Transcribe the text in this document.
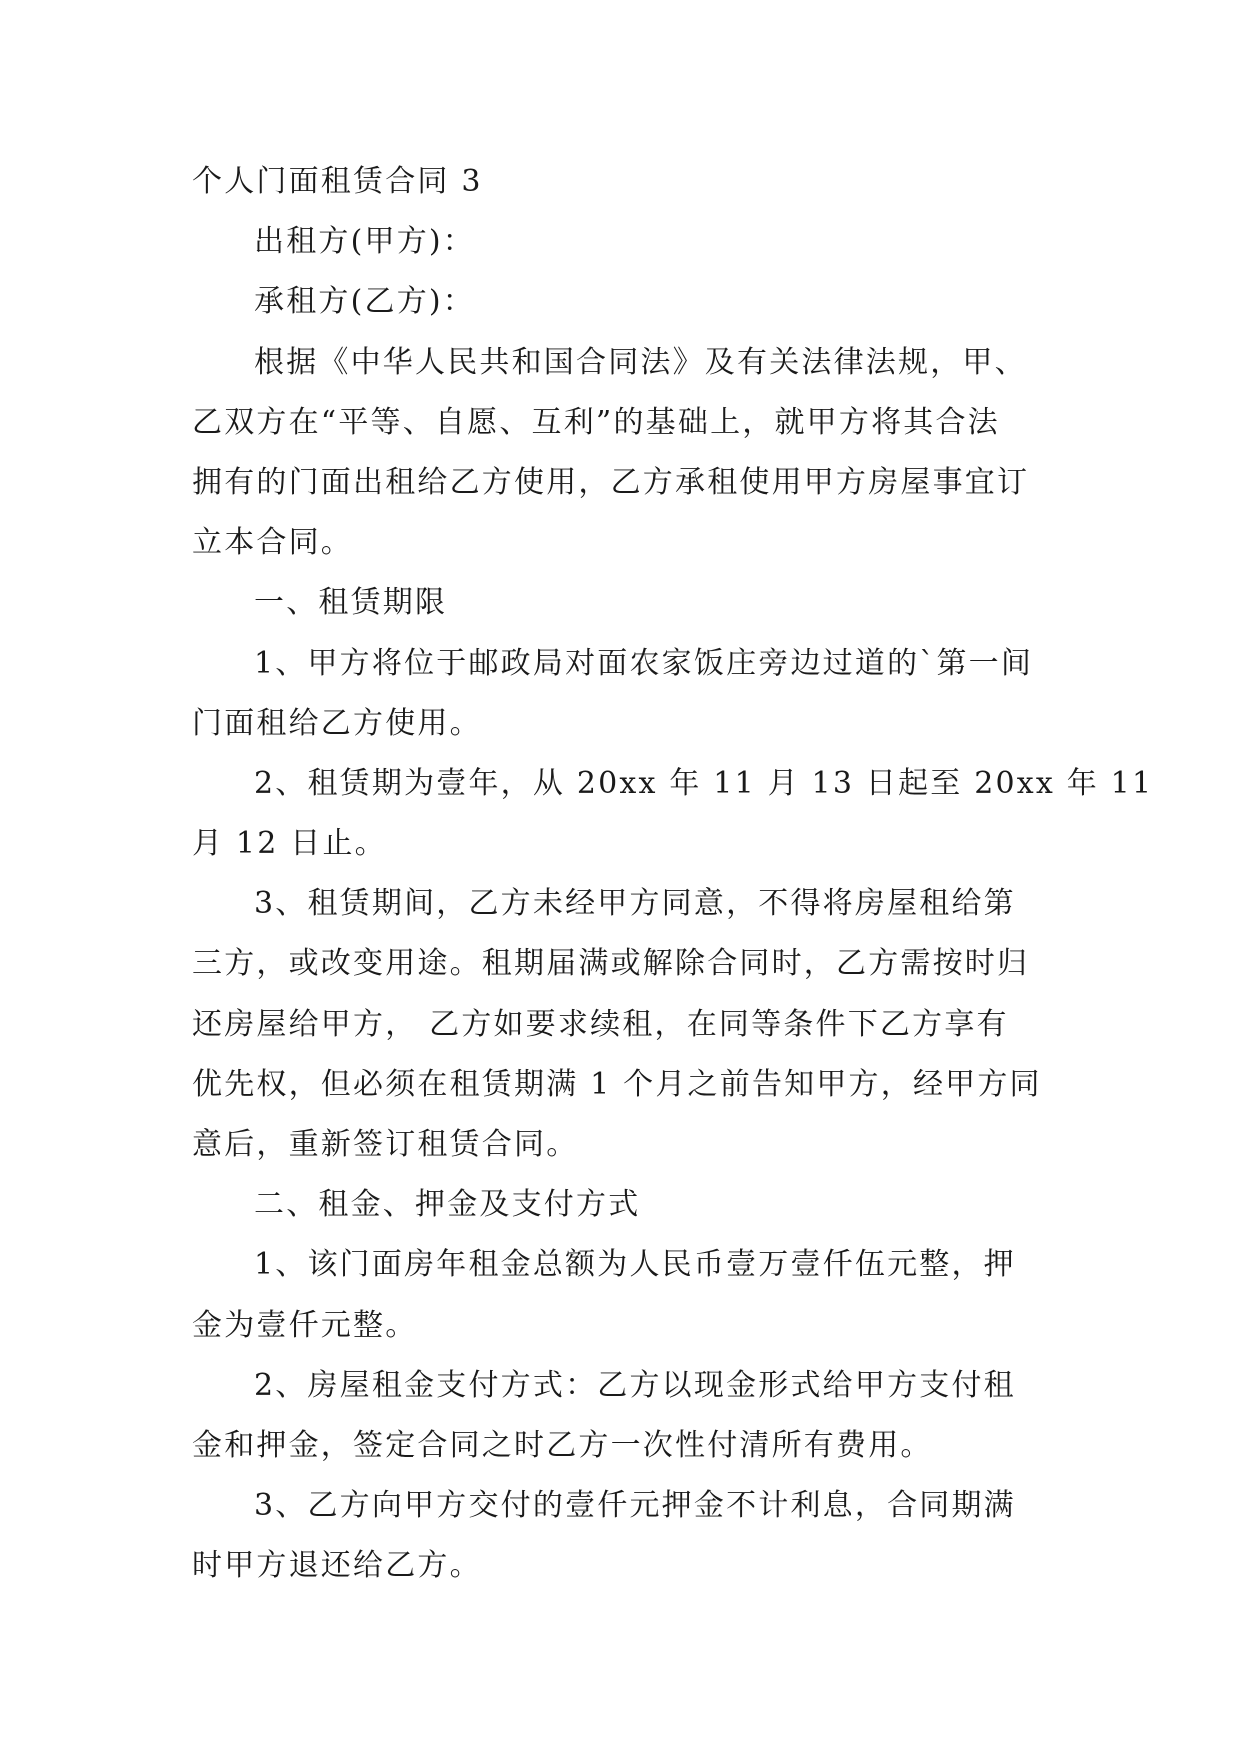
个人门面租赁合同 3
出租方(甲方)：
承租方(乙方)：
根据《中华人民共和国合同法》及有关法律法规，甲、
乙双方在“平等、自愿、互利”的基础上，就甲方将其合法
拥有的门面出租给乙方使用，乙方承租使用甲方房屋事宜订
立本合同。
一、租赁期限
1、甲方将位于邮政局对面农家饭庄旁边过道的`第一间
门面租给乙方使用。
2、租赁期为壹年，从 20xx 年 11 月 13 日起至 20xx 年 11
月 12 日止。
3、租赁期间，乙方未经甲方同意，不得将房屋租给第
三方，或改变用途。租期届满或解除合同时，乙方需按时归
还房屋给甲方， 乙方如要求续租，在同等条件下乙方享有
优先权，但必须在租赁期满 1 个月之前告知甲方，经甲方同
意后，重新签订租赁合同。
二、租金、押金及支付方式
1、该门面房年租金总额为人民币壹万壹仟伍元整，押
金为壹仟元整。
2、房屋租金支付方式：乙方以现金形式给甲方支付租
金和押金，签定合同之时乙方一次性付清所有费用。
3、乙方向甲方交付的壹仟元押金不计利息，合同期满
时甲方退还给乙方。
